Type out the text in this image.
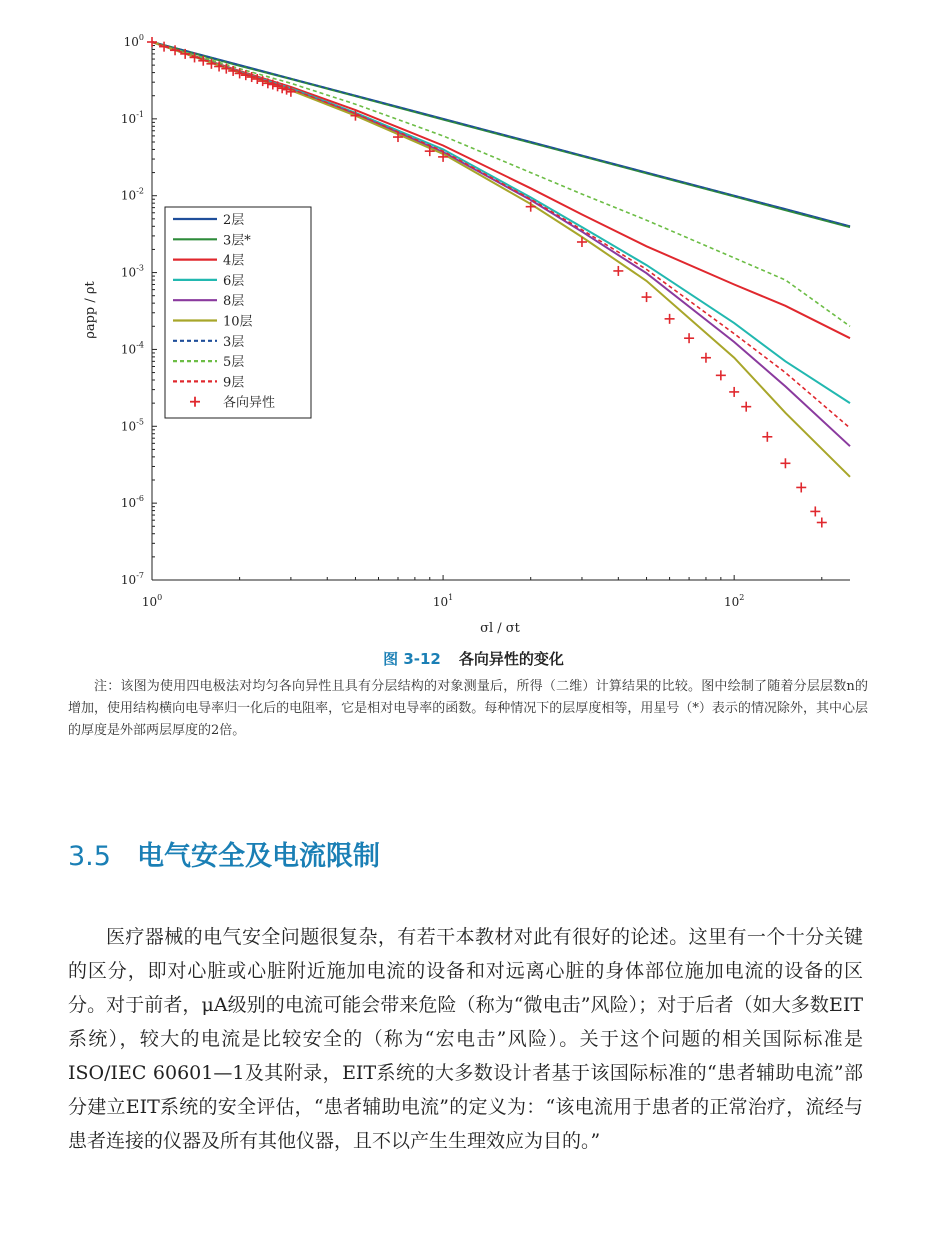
$10^0$
$10^{-1}$
$10^{-2}$
$10^{-3}$
$10^{-4}$
$10^{-5}$
$10^{-6}$
$10^{-7}$
$10^0$	$10^1$	$10^2$
2层
3层*
4层
6层
8层
10层
3层
5层
9层
各向异性
σl / σt
ρapp / ρt
图 3-12 各向异性的变化

注：该图为使用四电极法对均匀各向异性且具有分层结构的对象测量后，所得（二维）计算结果的比较。图中绘制了随着分层层数n的增加，使用结构横向电导率归一化后的电阻率，它是相对电导率的函数。每种情况下的层厚度相等，用星号（*）表示的情况除外，其中心层的厚度是外部两层厚度的2倍。

3.5 电气安全及电流限制

医疗器械的电气安全问题很复杂，有若干本教材对此有很好的论述。这里有一个十分关键的区分，即对心脏或心脏附近施加电流的设备和对远离心脏的身体部位施加电流的设备的区分。对于前者，μA级别的电流可能会带来危险（称为“微电击”风险）；对于后者（如大多数EIT系统），较大的电流是比较安全的（称为“宏电击”风险）。关于这个问题的相关国际标准是ISO/IEC 60601—1及其附录，EIT系统的大多数设计者基于该国际标准的“患者辅助电流”部分建立EIT系统的安全评估，“患者辅助电流”的定义为：“该电流用于患者的正常治疗，流经与患者连接的仪器及所有其他仪器，且不以产生生理效应为目的。”
